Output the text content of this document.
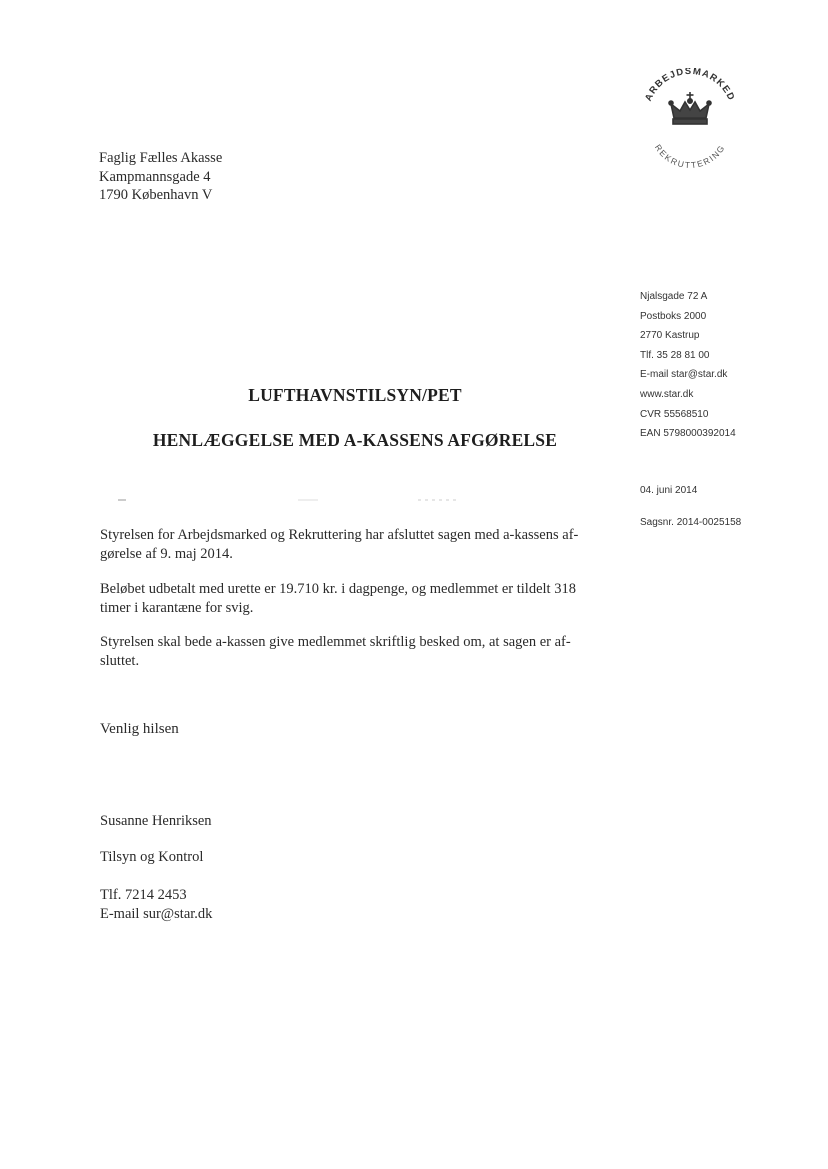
Faglig Fælles Akasse
Kampmannsgade 4
1790 København V
ARBEJDSMARKED
REKRUTTERING
Njalsgade 72 A
Postboks 2000
2770 Kastrup
Tlf. 35 28 81 00
E-mail star@star.dk
www.star.dk
CVR 55568510
EAN 5798000392014
04. juni 2014
Sagsnr. 2014-0025158
LUFTHAVNSTILSYN/PET
HENLÆGGELSE MED A-KASSENS AFGØRELSE
Styrelsen for Arbejdsmarked og Rekruttering har afsluttet sagen med a-kassens af-
gørelse af 9. maj 2014.
Beløbet udbetalt med urette er 19.710 kr. i dagpenge, og medlemmet er tildelt 318
timer i karantæne for svig.
Styrelsen skal bede a-kassen give medlemmet skriftlig besked om, at sagen er af-
sluttet.
Venlig hilsen
Susanne Henriksen
Tilsyn og Kontrol
Tlf. 7214 2453
E-mail sur@star.dk
